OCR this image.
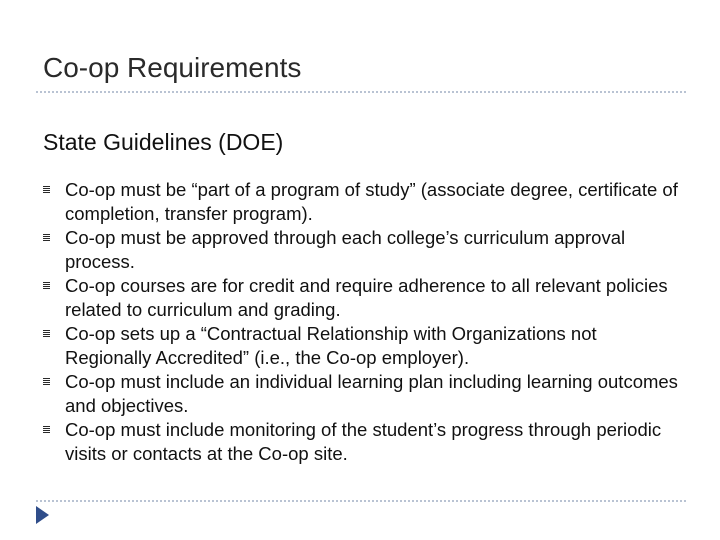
Co-op Requirements
State Guidelines (DOE)
Co-op must be “part of a program of study” (associate degree, certificate of completion, transfer program).
Co-op must be approved through each college’s curriculum approval process.
Co-op courses are for credit and require adherence to all relevant policies related to curriculum and grading.
Co-op sets up a “Contractual Relationship with Organizations not Regionally Accredited” (i.e., the Co-op employer).
Co-op must include an individual learning plan including learning outcomes and objectives.
Co-op must include monitoring of the student’s progress through periodic visits or contacts at the Co-op site.
